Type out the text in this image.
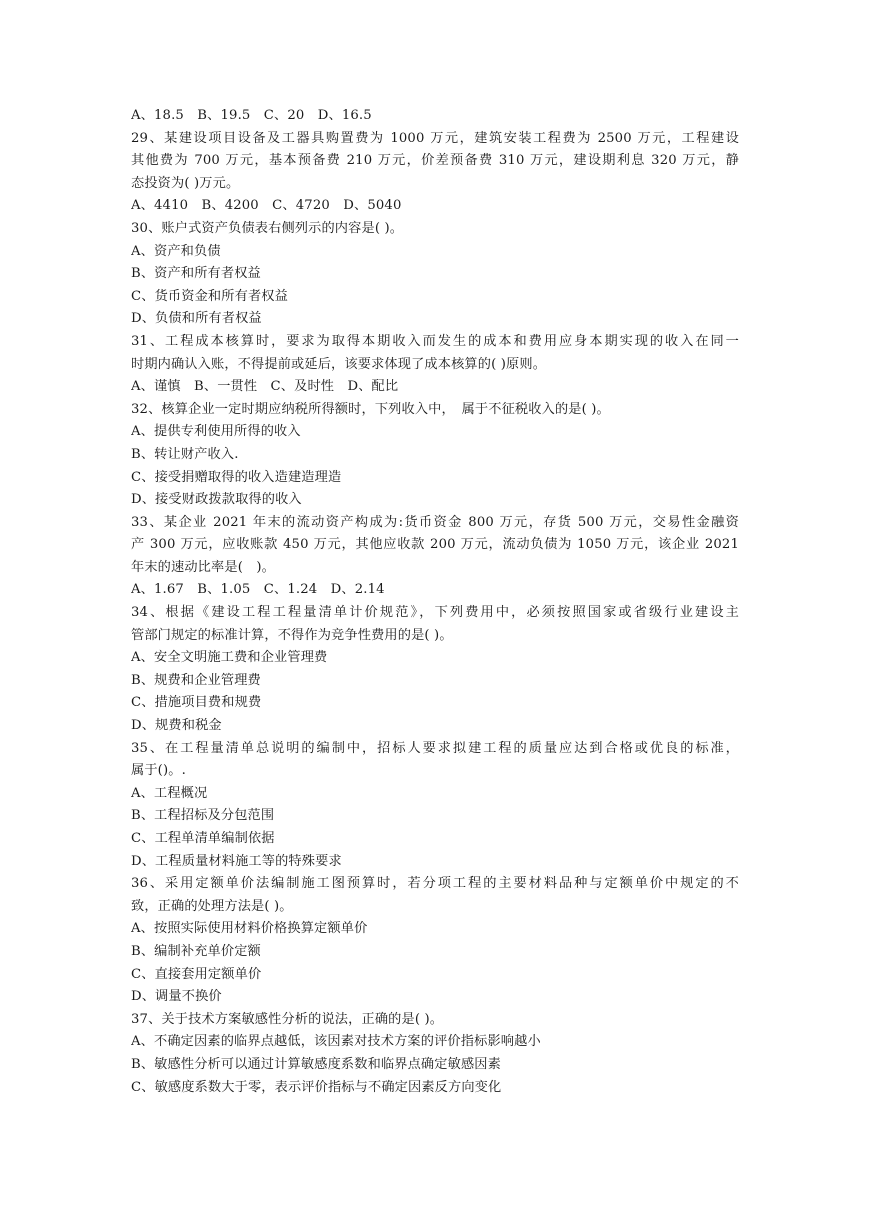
A、18.5　B、19.5　C、20　D、16.5
29、某建设项目设备及工器具购置费为 1000 万元，建筑安装工程费为 2500 万元，工程建设
其他费为 700 万元，基本预备费 210 万元，价差预备费 310 万元，建设期利息 320 万元，静
态投资为( )万元。
A、4410　B、4200　C、4720　D、5040
30、账户式资产负债表右侧列示的内容是( )。
A、资产和负债
B、资产和所有者权益
C、货币资金和所有者权益
D、负债和所有者权益
31、工程成本核算时，要求为取得本期收入而发生的成本和费用应身本期实现的收入在同一
时期内确认入账，不得提前或延后，该要求体现了成本核算的( )原则。
A、谨慎　B、一贯性　C、及时性　D、配比
32、核算企业一定时期应纳税所得额时，下列收入中，　属于不征税收入的是( )。
A、提供专利使用所得的收入
B、转让财产收入.
C、接受捐赠取得的收入造建造理造
D、接受财政拨款取得的收入
33、某企业 2021 年末的流动资产构成为:货币资金 800 万元，存货 500 万元，交易性金融资
产 300 万元，应收账款 450 万元，其他应收款 200 万元，流动负债为 1050 万元，该企业 2021
年末的速动比率是(　)。
A、1.67　B、1.05　C、1.24　D、2.14
34、根据《建设工程工程量清单计价规范》，下列费用中，必须按照国家或省级行业建设主
管部门规定的标准计算，不得作为竞争性费用的是( )。
A、安全文明施工费和企业管理费
B、规费和企业管理费
C、措施项目费和规费
D、规费和税金
35、在工程量清单总说明的编制中，招标人要求拟建工程的质量应达到合格或优良的标准，
属于()。.
A、工程概况
B、工程招标及分包范围
C、工程单清单编制依据
D、工程质量材料施工等的特殊要求
36、采用定额单价法编制施工图预算时，若分项工程的主要材料品种与定额单价中规定的不
致，正确的处理方法是( )。
A、按照实际使用材料价格换算定额单价
B、编制补充单价定额
C、直接套用定额单价
D、调量不换价
37、关于技术方案敏感性分析的说法，正确的是( )。
A、不确定因素的临界点越低，该因素对技术方案的评价指标影响越小
B、敏感性分析可以通过计算敏感度系数和临界点确定敏感因素
C、敏感度系数大于零，表示评价指标与不确定因素反方向变化
